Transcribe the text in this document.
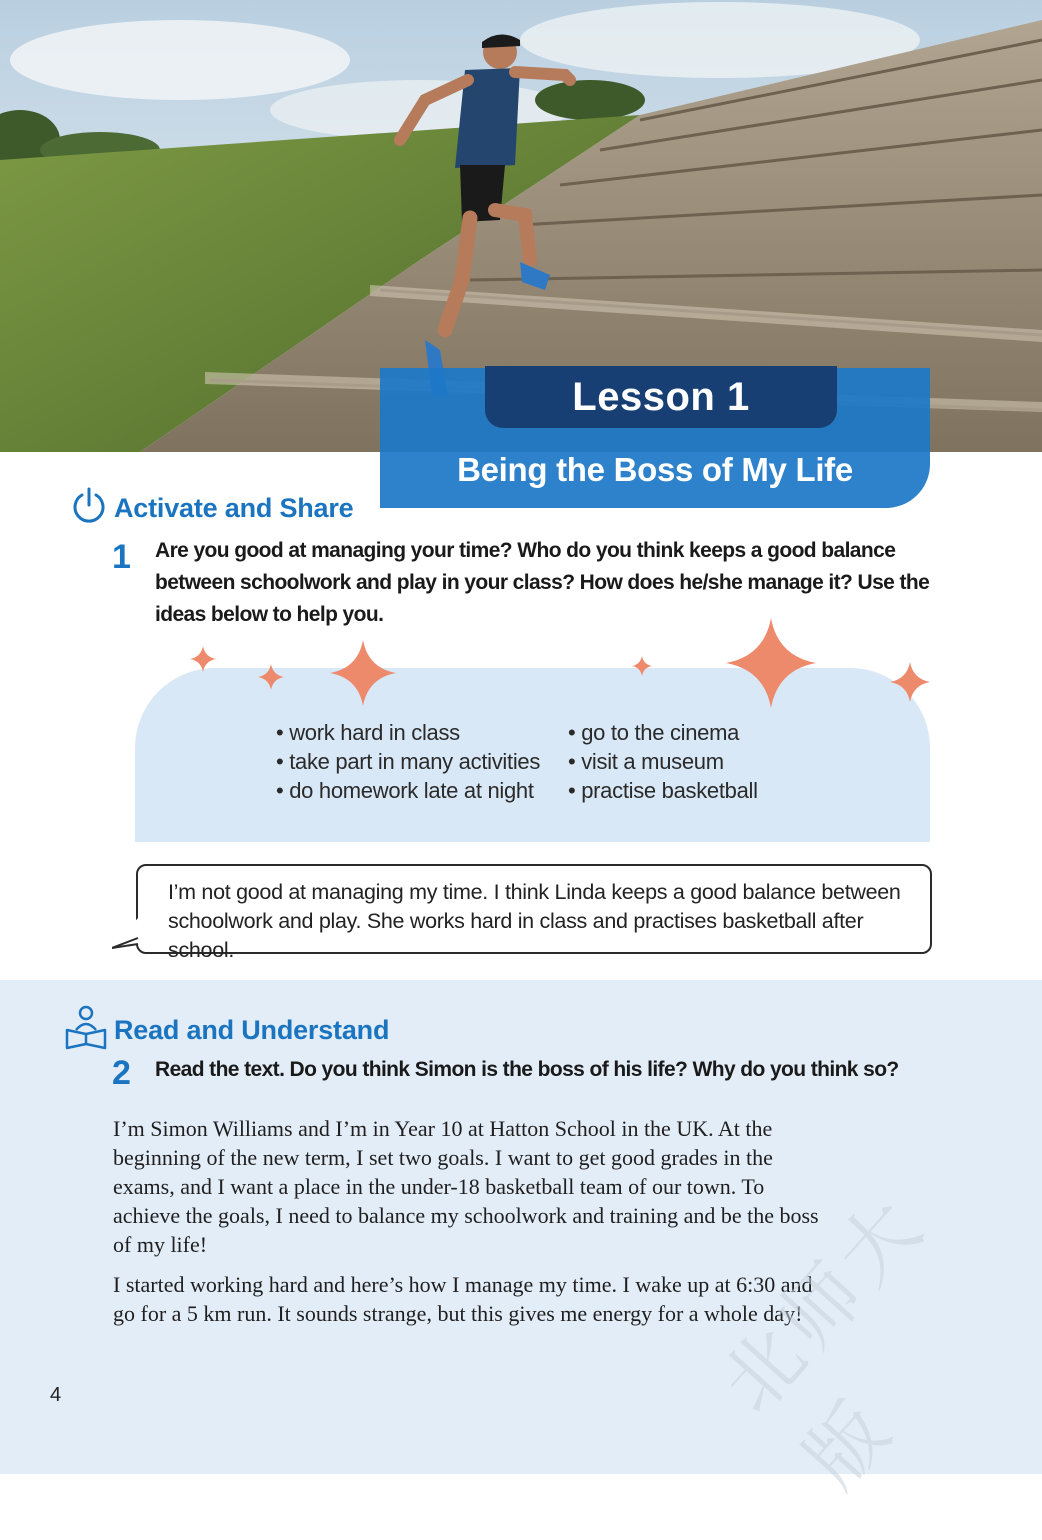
Lesson 1
Being the Boss of My Life
Activate and Share
1 Are you good at managing your time? Who do you think keeps a good balance
between schoolwork and play in your class? How does he/she manage it? Use the
ideas below to help you.
• work hard in class
• take part in many activities
• do homework late at night
• go to the cinema
• visit a museum
• practise basketball
I’m not good at managing my time. I think Linda keeps a good balance between
schoolwork and play. She works hard in class and practises basketball after school.
Read and Understand
2 Read the text. Do you think Simon is the boss of his life? Why do you think so?
I’m Simon Williams and I’m in Year 10 at Hatton School in the UK. At the
beginning of the new term, I set two goals. I want to get good grades in the
exams, and I want a place in the under-18 basketball team of our town. To
achieve the goals, I need to balance my schoolwork and training and be the boss
of my life!
I started working hard and here’s how I manage my time. I wake up at 6:30 and
go for a 5 km run. It sounds strange, but this gives me energy for a whole day!
北师大版
4
